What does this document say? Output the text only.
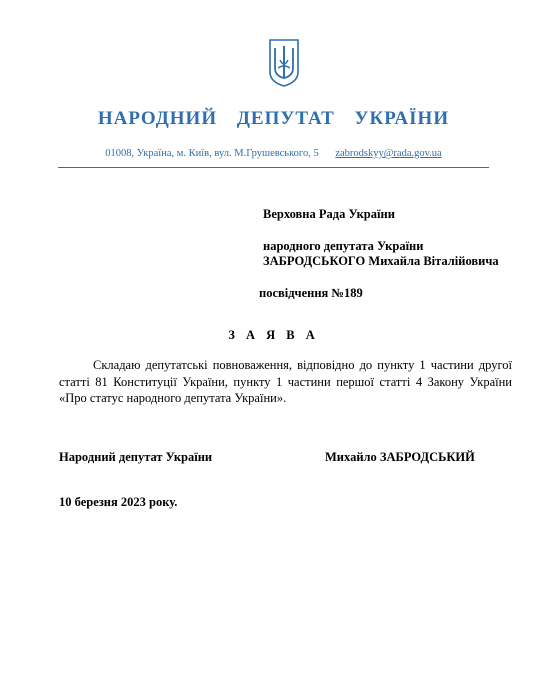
НАРОДНИЙ ДЕПУТАТ УКРАЇНИ
01008, Україна, м. Київ, вул. М.Грушевського, 5 zabrodskyy@rada.gov.ua
Верховна Рада України
народного депутата України
ЗАБРОДСЬКОГО Михайла Віталійовича
посвідчення №189
З А Я В А
Складаю депутатські повноваження, відповідно до пункту 1 частини другої статті 81 Конституції України, пункту 1 частини першої статті 4 Закону України «Про статус народного депутата України».
Народний депутат України	Михайло ЗАБРОДСЬКИЙ
10 березня 2023 року.
